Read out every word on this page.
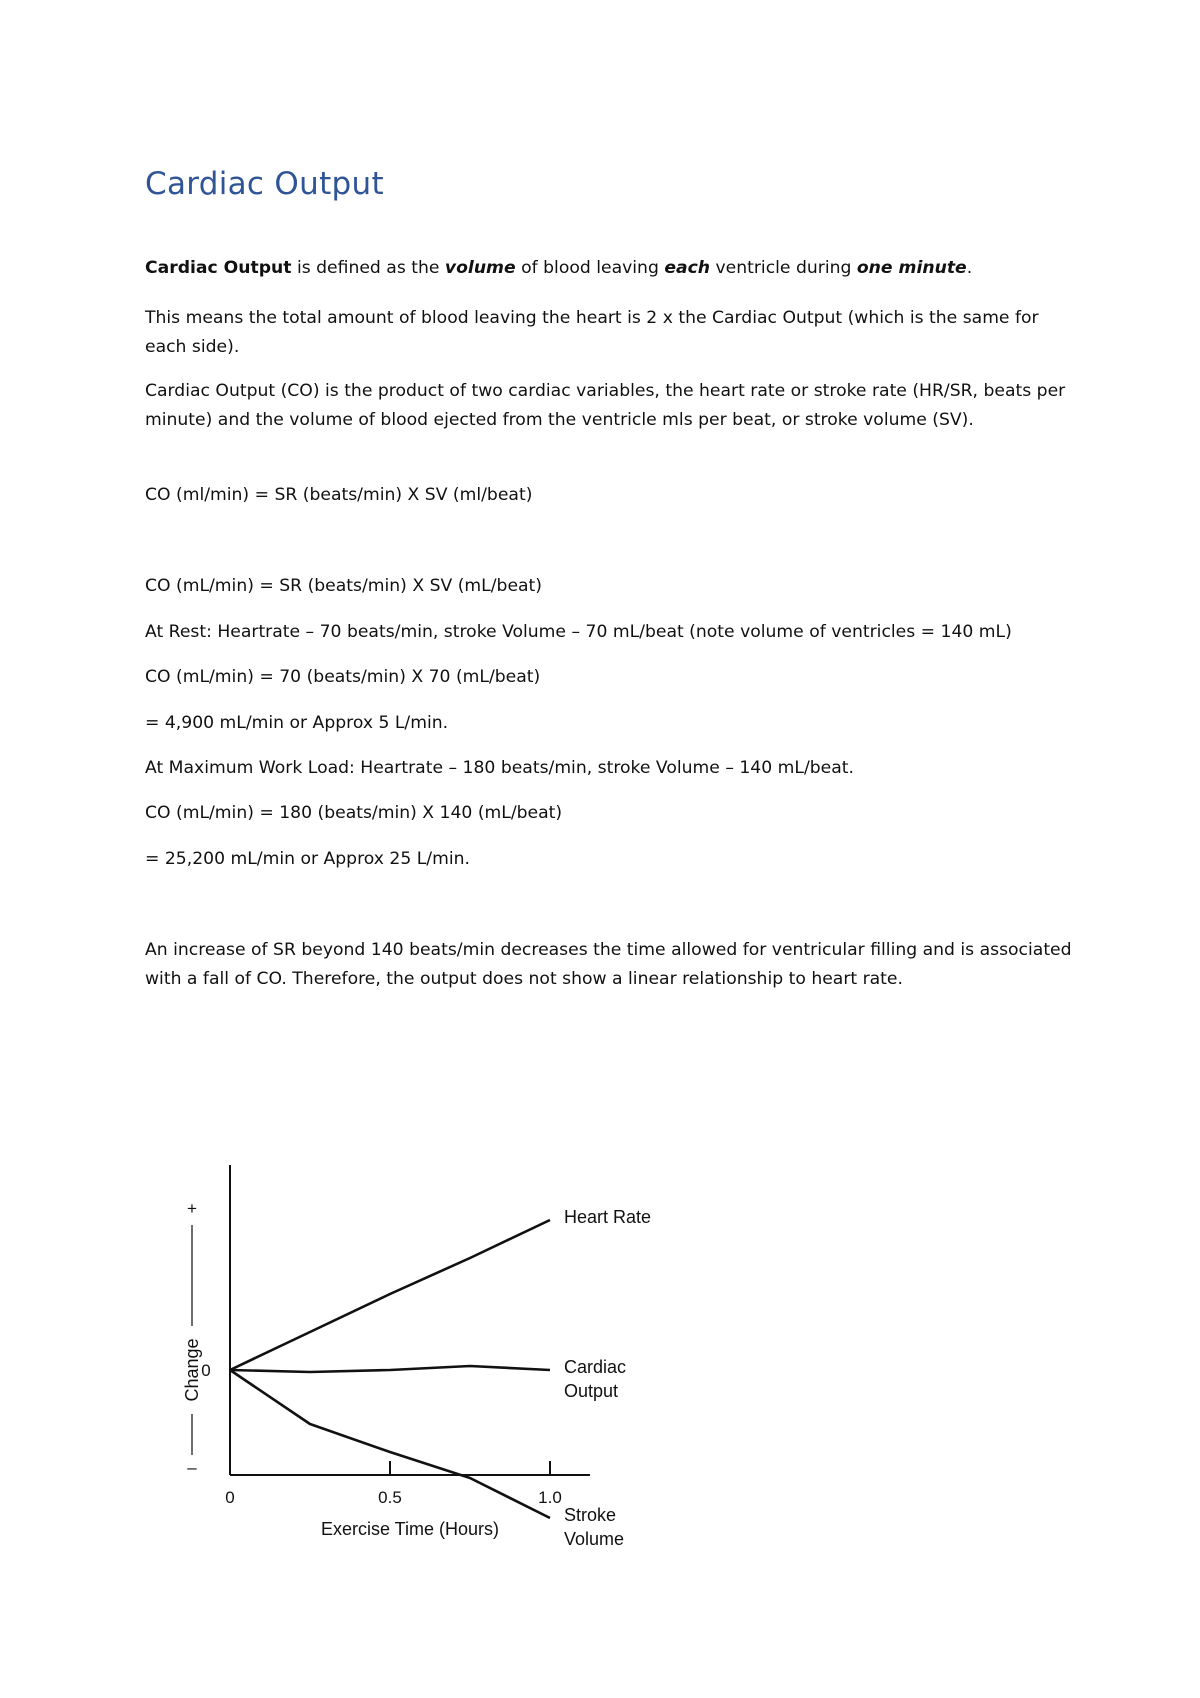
Cardiac Output

Cardiac Output is defined as the volume of blood leaving each ventricle during one minute.

This means the total amount of blood leaving the heart is 2 x the Cardiac Output (which is the same for each side).

Cardiac Output (CO) is the product of two cardiac variables, the heart rate or stroke rate (HR/SR, beats per minute) and the volume of blood ejected from the ventricle mls per beat, or stroke volume (SV).

CO (ml/min) = SR (beats/min) X SV (ml/beat)

CO (mL/min) = SR (beats/min) X SV (mL/beat)

At Rest: Heartrate – 70 beats/min, stroke Volume – 70 mL/beat (note volume of ventricles = 140 mL)

CO (mL/min) = 70 (beats/min) X 70 (mL/beat)

= 4,900 mL/min or Approx 5 L/min.

At Maximum Work Load: Heartrate – 180 beats/min, stroke Volume – 140 mL/beat.

CO (mL/min) = 180 (beats/min) X 140 (mL/beat)

= 25,200 mL/min or Approx 25 L/min.

An increase of SR beyond 140 beats/min decreases the time allowed for ventricular filling and is associated with a fall of CO. Therefore, the output does not show a linear relationship to heart rate.

0	0.5	1.0
Change
Exercise Time (Hours)
+
0
–
Heart Rate
Cardiac
Output
Stroke
Volume
